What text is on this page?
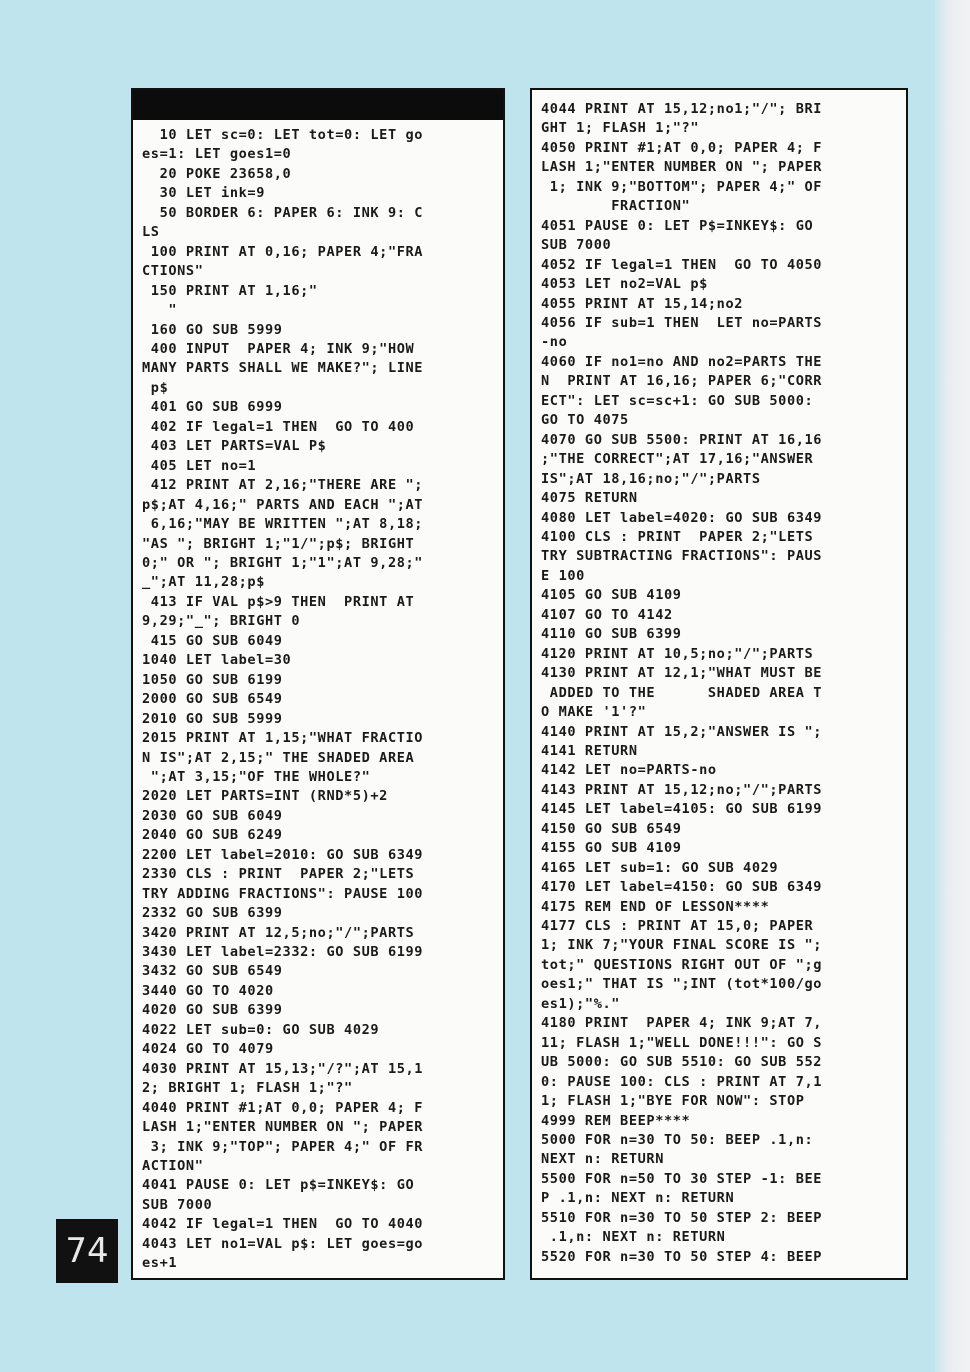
10 LET sc=0: LET tot=0: LET go
es=1: LET goes1=0
20 POKE 23658,0
30 LET ink=9
50 BORDER 6: PAPER 6: INK 9: C
LS
100 PRINT AT 0,16; PAPER 4;"FRA
CTIONS"
150 PRINT AT 1,16;"
"
160 GO SUB 5999
400 INPUT  PAPER 4; INK 9;"HOW
MANY PARTS SHALL WE MAKE?"; LINE
p$
401 GO SUB 6999
402 IF legal=1 THEN  GO TO 400
403 LET PARTS=VAL P$
405 LET no=1
412 PRINT AT 2,16;"THERE ARE ";
p$;AT 4,16;" PARTS AND EACH ";AT
6,16;"MAY BE WRITTEN ";AT 8,18;
"AS "; BRIGHT 1;"1/";p$; BRIGHT
0;" OR "; BRIGHT 1;"1";AT 9,28;"
_";AT 11,28;p$
413 IF VAL p$>9 THEN  PRINT AT
9,29;"_"; BRIGHT 0
415 GO SUB 6049
1040 LET label=30
1050 GO SUB 6199
2000 GO SUB 6549
2010 GO SUB 5999
2015 PRINT AT 1,15;"WHAT FRACTIO
N IS";AT 2,15;" THE SHADED AREA
";AT 3,15;"OF THE WHOLE?"
2020 LET PARTS=INT (RND*5)+2
2030 GO SUB 6049
2040 GO SUB 6249
2200 LET label=2010: GO SUB 6349
2330 CLS : PRINT  PAPER 2;"LETS
TRY ADDING FRACTIONS": PAUSE 100
2332 GO SUB 6399
3420 PRINT AT 12,5;no;"/";PARTS
3430 LET label=2332: GO SUB 6199
3432 GO SUB 6549
3440 GO TO 4020
4020 GO SUB 6399
4022 LET sub=0: GO SUB 4029
4024 GO TO 4079
4030 PRINT AT 15,13;"/?";AT 15,1
2; BRIGHT 1; FLASH 1;"?"
4040 PRINT #1;AT 0,0; PAPER 4; F
LASH 1;"ENTER NUMBER ON "; PAPER
3; INK 9;"TOP"; PAPER 4;" OF FR
ACTION"
4041 PAUSE 0: LET p$=INKEY$: GO
SUB 7000
4042 IF legal=1 THEN  GO TO 4040
4043 LET no1=VAL p$: LET goes=go
es+1
4044 PRINT AT 15,12;no1;"/"; BRI
GHT 1; FLASH 1;"?"
4050 PRINT #1;AT 0,0; PAPER 4; F
LASH 1;"ENTER NUMBER ON "; PAPER
1; INK 9;"BOTTOM"; PAPER 4;" OF
FRACTION"
4051 PAUSE 0: LET P$=INKEY$: GO
SUB 7000
4052 IF legal=1 THEN  GO TO 4050
4053 LET no2=VAL p$
4055 PRINT AT 15,14;no2
4056 IF sub=1 THEN  LET no=PARTS
-no
4060 IF no1=no AND no2=PARTS THE
N  PRINT AT 16,16; PAPER 6;"CORR
ECT": LET sc=sc+1: GO SUB 5000:
GO TO 4075
4070 GO SUB 5500: PRINT AT 16,16
;"THE CORRECT";AT 17,16;"ANSWER
IS";AT 18,16;no;"/";PARTS
4075 RETURN
4080 LET label=4020: GO SUB 6349
4100 CLS : PRINT  PAPER 2;"LETS
TRY SUBTRACTING FRACTIONS": PAUS
E 100
4105 GO SUB 4109
4107 GO TO 4142
4110 GO SUB 6399
4120 PRINT AT 10,5;no;"/";PARTS
4130 PRINT AT 12,1;"WHAT MUST BE
ADDED TO THE      SHADED AREA T
O MAKE '1'?"
4140 PRINT AT 15,2;"ANSWER IS ";
4141 RETURN
4142 LET no=PARTS-no
4143 PRINT AT 15,12;no;"/";PARTS
4145 LET label=4105: GO SUB 6199
4150 GO SUB 6549
4155 GO SUB 4109
4165 LET sub=1: GO SUB 4029
4170 LET label=4150: GO SUB 6349
4175 REM END OF LESSON****
4177 CLS : PRINT AT 15,0; PAPER
1; INK 7;"YOUR FINAL SCORE IS ";
tot;" QUESTIONS RIGHT OUT OF ";g
oes1;" THAT IS ";INT (tot*100/go
es1);"%."
4180 PRINT  PAPER 4; INK 9;AT 7,
11; FLASH 1;"WELL DONE!!!": GO S
UB 5000: GO SUB 5510: GO SUB 552
0: PAUSE 100: CLS : PRINT AT 7,1
1; FLASH 1;"BYE FOR NOW": STOP
4999 REM BEEP****
5000 FOR n=30 TO 50: BEEP .1,n:
NEXT n: RETURN
5500 FOR n=50 TO 30 STEP -1: BEE
P .1,n: NEXT n: RETURN
5510 FOR n=30 TO 50 STEP 2: BEEP
.1,n: NEXT n: RETURN
5520 FOR n=30 TO 50 STEP 4: BEEP
74
